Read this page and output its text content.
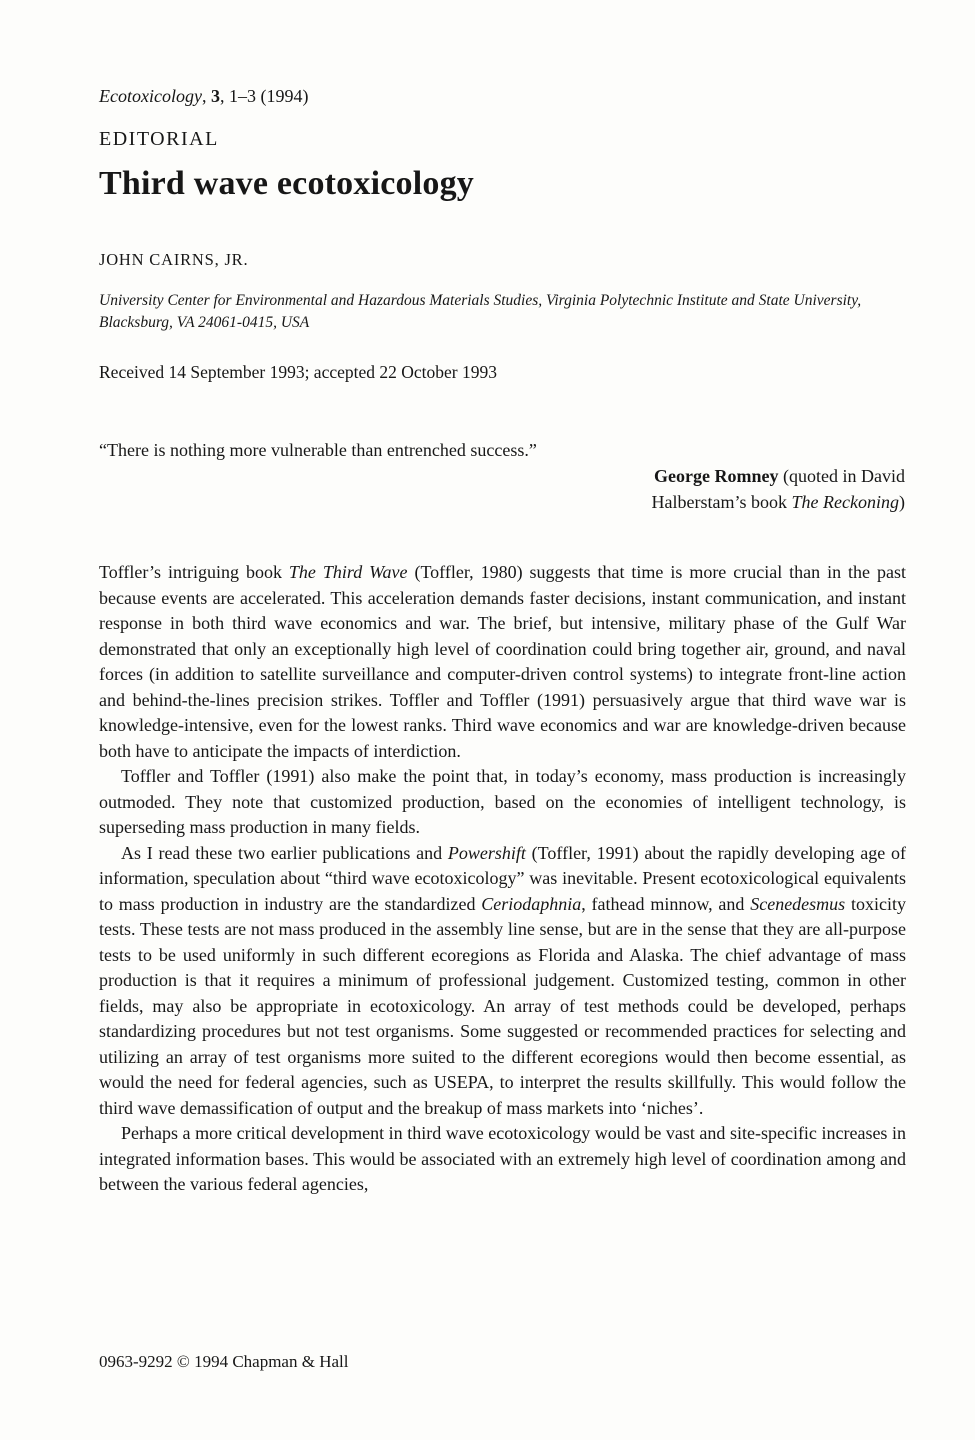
Ecotoxicology, 3, 1–3 (1994)
EDITORIAL
Third wave ecotoxicology
JOHN CAIRNS, JR.
University Center for Environmental and Hazardous Materials Studies, Virginia Polytechnic Institute and State University, Blacksburg, VA 24061-0415, USA
Received 14 September 1993; accepted 22 October 1993
“There is nothing more vulnerable than entrenched success.”
George Romney (quoted in David
Halberstam’s book The Reckoning)

Toffler’s intriguing book The Third Wave (Toffler, 1980) suggests that time is more crucial than in the past because events are accelerated. This acceleration demands faster decisions, instant communication, and instant response in both third wave economics and war. The brief, but intensive, military phase of the Gulf War demonstrated that only an exceptionally high level of coordination could bring together air, ground, and naval forces (in addition to satellite surveillance and computer-driven control systems) to integrate front-line action and behind-the-lines precision strikes. Toffler and Toffler (1991) persuasively argue that third wave war is knowledge-intensive, even for the lowest ranks. Third wave economics and war are knowledge-driven because both have to anticipate the impacts of interdiction.

Toffler and Toffler (1991) also make the point that, in today’s economy, mass production is increasingly outmoded. They note that customized production, based on the economies of intelligent technology, is superseding mass production in many fields.

As I read these two earlier publications and Powershift (Toffler, 1991) about the rapidly developing age of information, speculation about “third wave ecotoxicology” was inevitable. Present ecotoxicological equivalents to mass production in industry are the standardized Ceriodaphnia, fathead minnow, and Scenedesmus toxicity tests. These tests are not mass produced in the assembly line sense, but are in the sense that they are all-purpose tests to be used uniformly in such different ecoregions as Florida and Alaska. The chief advantage of mass production is that it requires a minimum of professional judgement. Customized testing, common in other fields, may also be appropriate in ecotoxicology. An array of test methods could be developed, perhaps standardizing procedures but not test organisms. Some suggested or recommended practices for selecting and utilizing an array of test organisms more suited to the different ecoregions would then become essential, as would the need for federal agencies, such as USEPA, to interpret the results skillfully. This would follow the third wave demassification of output and the breakup of mass markets into ‘niches’.

Perhaps a more critical development in third wave ecotoxicology would be vast and site-specific increases in integrated information bases. This would be associated with an extremely high level of coordination among and between the various federal agencies,

0963-9292 © 1994 Chapman & Hall
